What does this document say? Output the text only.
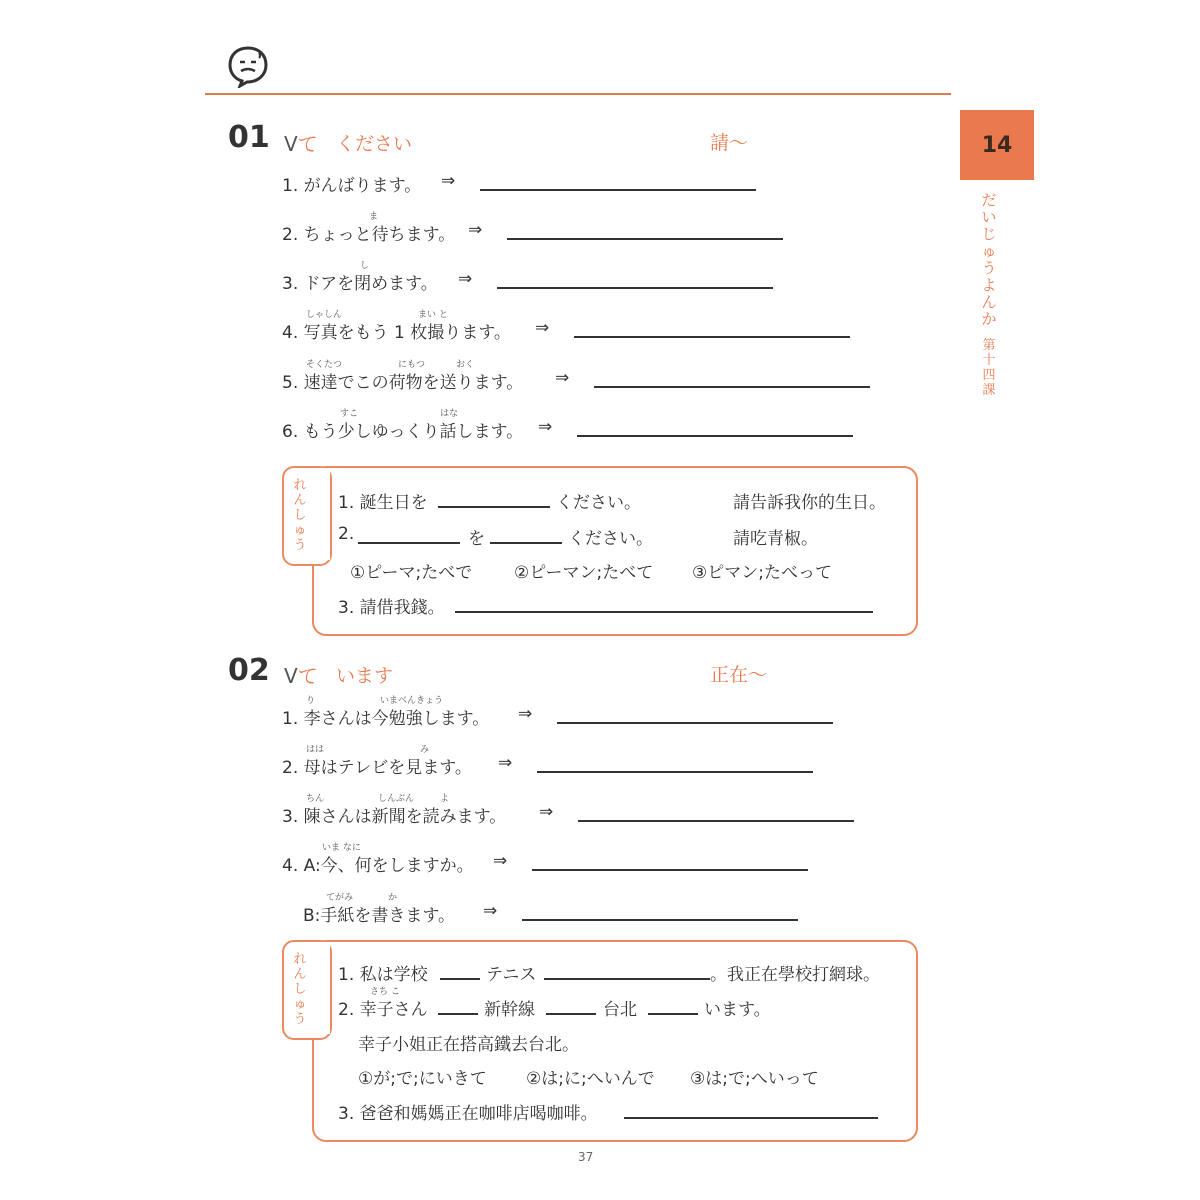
14
だいじゅうよんか
第十四課
01 Vて ください	請～
ま
し
しゃしん	まい と
そくたつ	にもつ	おく
すこ	はな
1. がんばります。 ⇒
2. ちょっと待ちます。 ⇒
3. ドアを閉めます。 ⇒
4. 写真をもう 1 枚撮ります。 ⇒
5. 速達でこの荷物を送ります。 ⇒
6. もう少しゆっくり話します。 ⇒
れんしゅう
1. 誕生日を	ください。	請告訴我你的生日。
2.	を	ください。	請吃青椒。
①ピーマ;たべで ②ピーマン;たべて ③ピマン;たべって
3. 請借我錢。
02 Vて います	正在～
り	いまべんきょう
はは	み
ちん	しんぶん	よ
いま なに
てがみ	か
1. 李さんは今勉強します。 ⇒
2. 母はテレビを見ます。 ⇒
3. 陳さんは新聞を読みます。 ⇒
4. A:今、何をしますか。 ⇒
B:手紙を書きます。 ⇒
れんしゅう
1. 私は学校	テニス	。我正在學校打網球。
さち こ
2. 幸子さん	新幹線	台北	います。
幸子小姐正在搭高鐵去台北。
①が;で;にいきて ②は;に;へいんで ③は;で;へいって
3. 爸爸和媽媽正在咖啡店喝咖啡。
37
